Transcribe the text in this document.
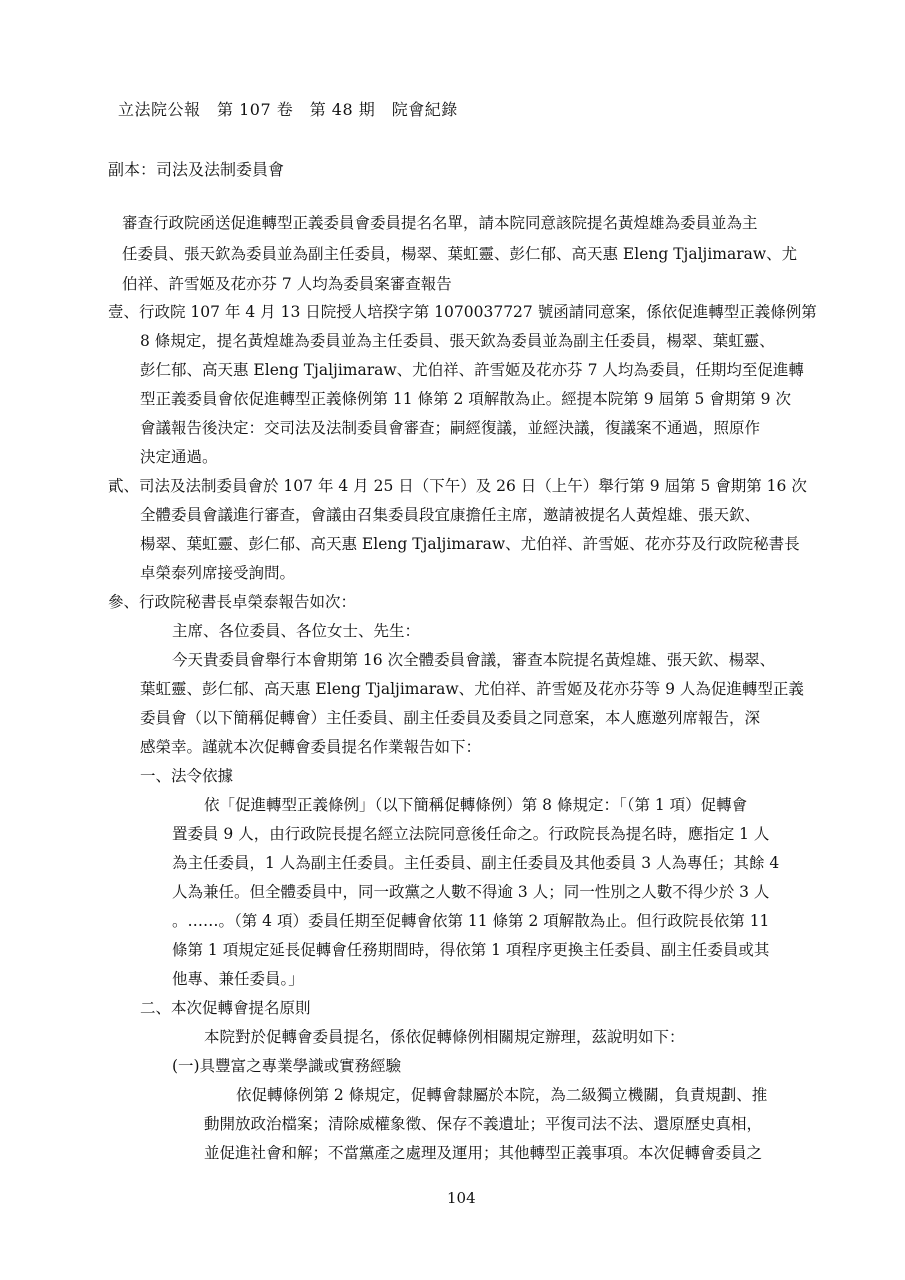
立法院公報　第 107 卷　第 48 期　院會紀錄
副本：司法及法制委員會
審查行政院函送促進轉型正義委員會委員提名名單，請本院同意該院提名黃煌雄為委員並為主
任委員、張天欽為委員並為副主任委員，楊翠、葉虹靈、彭仁郁、高天惠 Eleng Tjaljimaraw、尤
伯祥、許雪姬及花亦芬 7 人均為委員案審查報告
壹、行政院 107 年 4 月 13 日院授人培揆字第 1070037727 號函請同意案，係依促進轉型正義條例第
8 條規定，提名黃煌雄為委員並為主任委員、張天欽為委員並為副主任委員，楊翠、葉虹靈、
彭仁郁、高天惠 Eleng Tjaljimaraw、尤伯祥、許雪姬及花亦芬 7 人均為委員，任期均至促進轉
型正義委員會依促進轉型正義條例第 11 條第 2 項解散為止。經提本院第 9 屆第 5 會期第 9 次
會議報告後決定：交司法及法制委員會審查；嗣經復議，並經決議，復議案不通過，照原作
決定通過。
貳、司法及法制委員會於 107 年 4 月 25 日（下午）及 26 日（上午）舉行第 9 屆第 5 會期第 16 次
全體委員會議進行審查，會議由召集委員段宜康擔任主席，邀請被提名人黃煌雄、張天欽、
楊翠、葉虹靈、彭仁郁、高天惠 Eleng Tjaljimaraw、尤伯祥、許雪姬、花亦芬及行政院秘書長
卓榮泰列席接受詢問。
參、行政院秘書長卓榮泰報告如次：
主席、各位委員、各位女士、先生：
今天貴委員會舉行本會期第 16 次全體委員會議，審查本院提名黃煌雄、張天欽、楊翠、
葉虹靈、彭仁郁、高天惠 Eleng Tjaljimaraw、尤伯祥、許雪姬及花亦芬等 9 人為促進轉型正義
委員會（以下簡稱促轉會）主任委員、副主任委員及委員之同意案，本人應邀列席報告，深
感榮幸。謹就本次促轉會委員提名作業報告如下：
一、法令依據
依「促進轉型正義條例」（以下簡稱促轉條例）第 8 條規定：「（第 1 項）促轉會
置委員 9 人，由行政院長提名經立法院同意後任命之。行政院長為提名時，應指定 1 人
為主任委員，1 人為副主任委員。主任委員、副主任委員及其他委員 3 人為專任；其餘 4
人為兼任。但全體委員中，同一政黨之人數不得逾 3 人；同一性別之人數不得少於 3 人
。……。（第 4 項）委員任期至促轉會依第 11 條第 2 項解散為止。但行政院長依第 11
條第 1 項規定延長促轉會任務期間時，得依第 1 項程序更換主任委員、副主任委員或其
他專、兼任委員。」
二、本次促轉會提名原則
本院對於促轉會委員提名，係依促轉條例相關規定辦理，茲說明如下：
(一)具豐富之專業學識或實務經驗
依促轉條例第 2 條規定，促轉會隸屬於本院，為二級獨立機關，負責規劃、推
動開放政治檔案；清除威權象徵、保存不義遺址；平復司法不法、還原歷史真相，
並促進社會和解；不當黨產之處理及運用；其他轉型正義事項。本次促轉會委員之
104
